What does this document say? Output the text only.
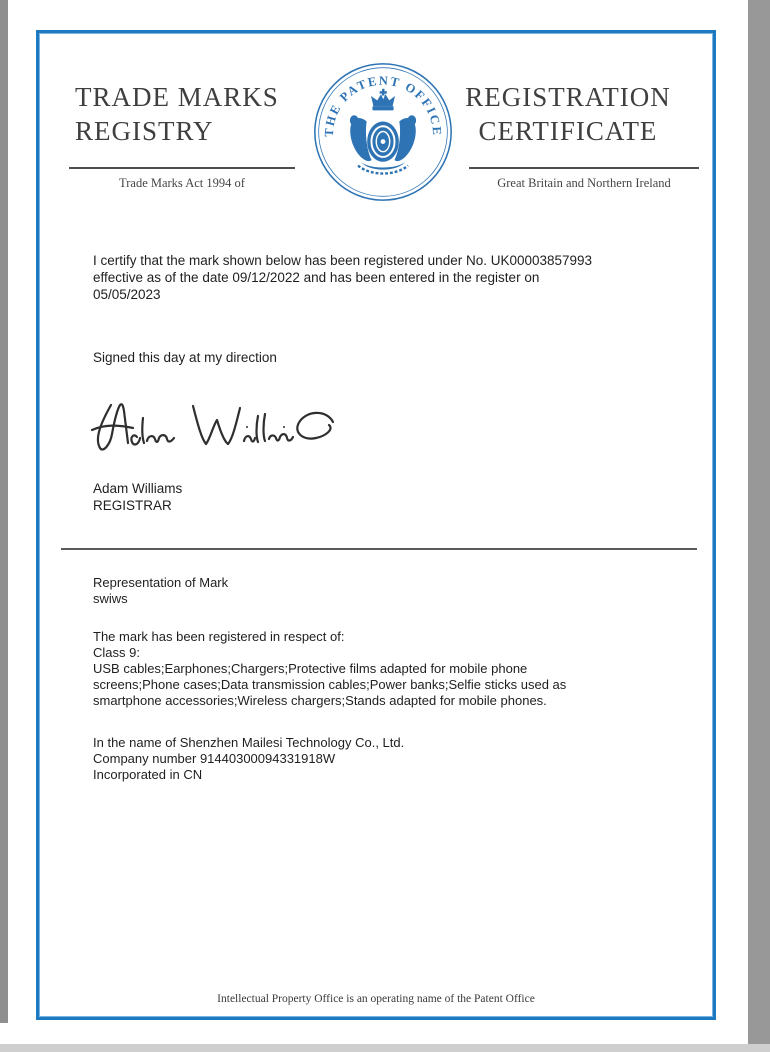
TRADE MARKS
REGISTRY	THE PATENT OFFICE
REGISTRATION
CERTIFICATE
Trade Marks Act 1994 of	Great Britain and Northern Ireland
I certify that the mark shown below has been registered under No. UK00003857993
effective as of the date 09/12/2022 and has been entered in the register on
05/05/2023
Signed this day at my direction
Adam Williams
REGISTRAR
Representation of Mark
swiws
The mark has been registered in respect of:
Class 9:
USB cables;Earphones;Chargers;Protective films adapted for mobile phone
screens;Phone cases;Data transmission cables;Power banks;Selfie sticks used as
smartphone accessories;Wireless chargers;Stands adapted for mobile phones.
In the name of Shenzhen Mailesi Technology Co., Ltd.
Company number 91440300094331918W
Incorporated in CN
Intellectual Property Office is an operating name of the Patent Office
